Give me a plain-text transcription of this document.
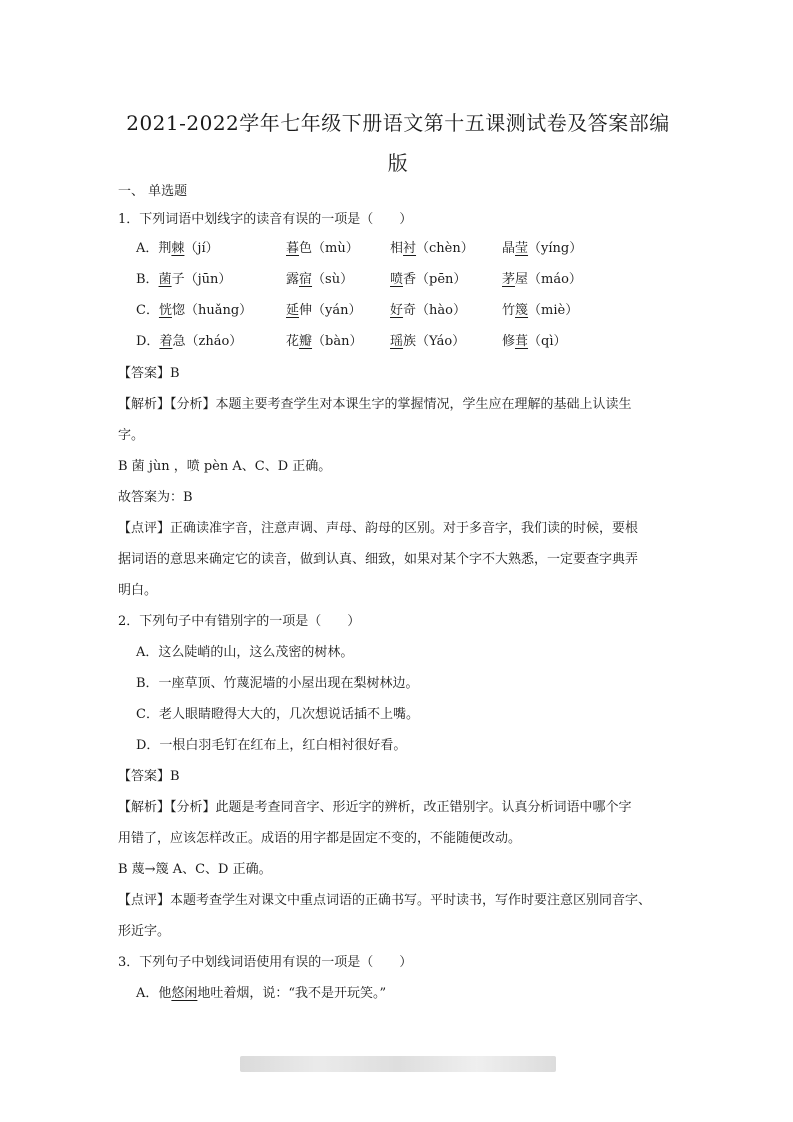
2021-2022学年七年级下册语文第十五课测试卷及答案部编
版
一、 单选题
1．下列词语中划线字的读音有误的一项是（　　）
A．荆棘（jí）	暮色（mù） 相衬（chèn） 晶莹（yíng）
B．菌子（jūn）	露宿（sù）	喷香（pēn）	茅屋（máo）
C．恍惚（huǎng）	延伸（yán） 好奇（hào）	竹篾（miè）
D．着急（zháo）	花瓣（bàn） 瑶族（Yáo）	修葺（qì）
【答案】B
【解析】【分析】本题主要考查学生对本课生字的掌握情况，学生应在理解的基础上认读生
字。
B 菌 jùn ，喷 pèn A、C、D 正确。
故答案为：B
【点评】正确读准字音，注意声调、声母、韵母的区别。对于多音字，我们读的时候，要根
据词语的意思来确定它的读音，做到认真、细致，如果对某个字不大熟悉，一定要查字典弄
明白。
2．下列句子中有错别字的一项是（　　）
A．这么陡峭的山，这么茂密的树林。
B．一座草顶、竹蔑泥墙的小屋出现在梨树林边。
C．老人眼睛瞪得大大的，几次想说话插不上嘴。
D．一根白羽毛钉在红布上，红白相衬很好看。
【答案】B
【解析】【分析】此题是考查同音字、形近字的辨析，改正错别字。认真分析词语中哪个字
用错了，应该怎样改正。成语的用字都是固定不变的，不能随便改动。
B 蔑→篾 A、C、D 正确。
【点评】本题考查学生对课文中重点词语的正确书写。平时读书，写作时要注意区别同音字、
形近字。
3．下列句子中划线词语使用有误的一项是（　　）
A．他悠闲地吐着烟，说：“我不是开玩笑。”
